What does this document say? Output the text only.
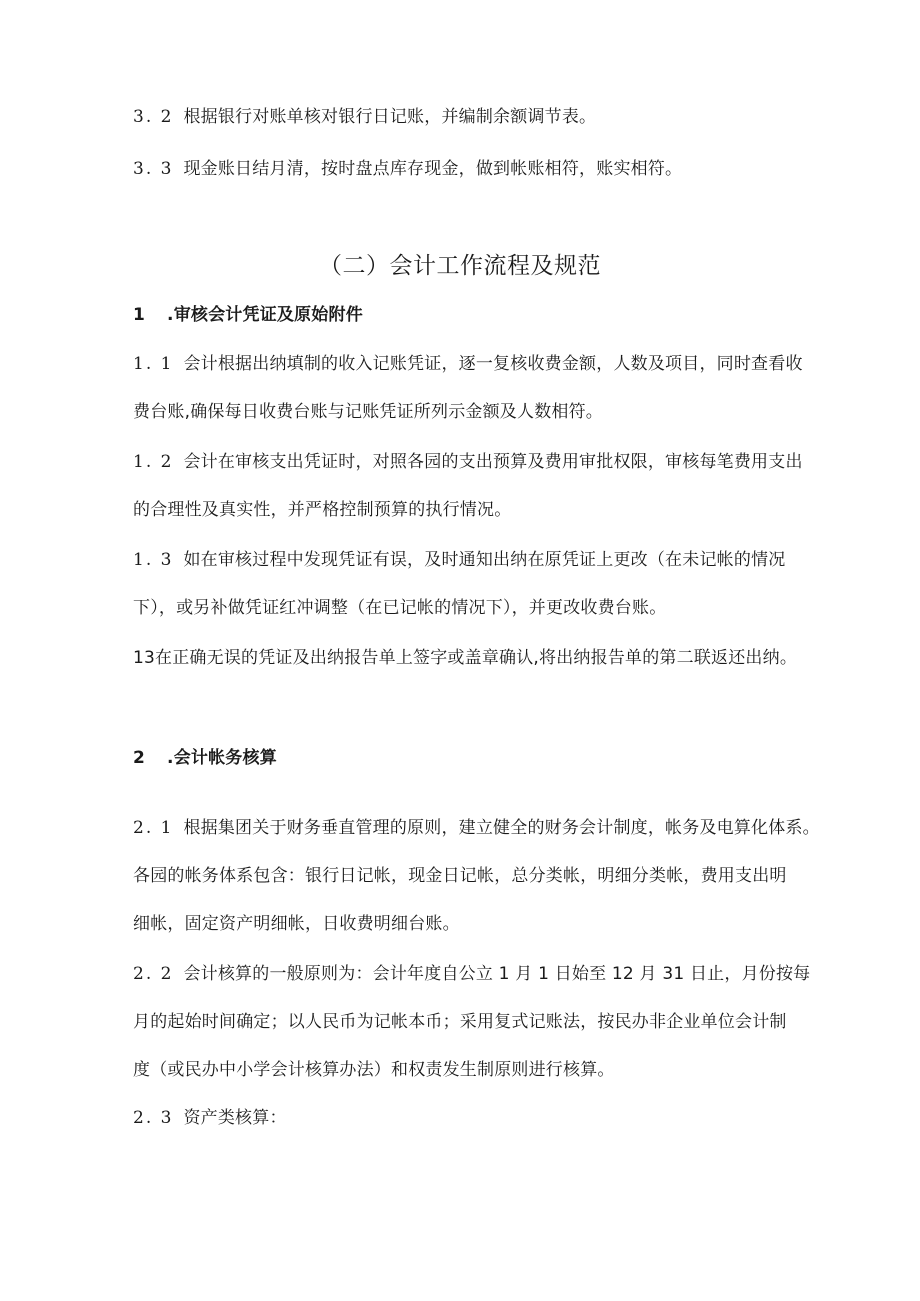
3. 2 根据银行对账单核对银行日记账，并编制余额调节表。
3. 3 现金账日结月清，按时盘点库存现金，做到帐账相符，账实相符。
（二）会计工作流程及规范
1 .审核会计凭证及原始附件
1. 1 会计根据出纳填制的收入记账凭证，逐一复核收费金额，人数及项目，同时查看收
费台账,确保每日收费台账与记账凭证所列示金额及人数相符。
1. 2 会计在审核支出凭证时，对照各园的支出预算及费用审批权限，审核每笔费用支出
的合理性及真实性，并严格控制预算的执行情况。
1. 3 如在审核过程中发现凭证有误，及时通知出纳在原凭证上更改（在未记帐的情况
下），或另补做凭证红冲调整（在已记帐的情况下），并更改收费台账。
13在正确无误的凭证及出纳报告单上签字或盖章确认,将出纳报告单的第二联返还出纳。
2 .会计帐务核算
2. 1 根据集团关于财务垂直管理的原则，建立健全的财务会计制度，帐务及电算化体系。
各园的帐务体系包含：银行日记帐，现金日记帐，总分类帐，明细分类帐，费用支出明
细帐，固定资产明细帐，日收费明细台账。
2. 2 会计核算的一般原则为：会计年度自公立 1 月 1 日始至 12 月 31 日止，月份按每
月的起始时间确定；以人民币为记帐本币；采用复式记账法，按民办非企业单位会计制
度（或民办中小学会计核算办法）和权责发生制原则进行核算。
2. 3 资产类核算：
